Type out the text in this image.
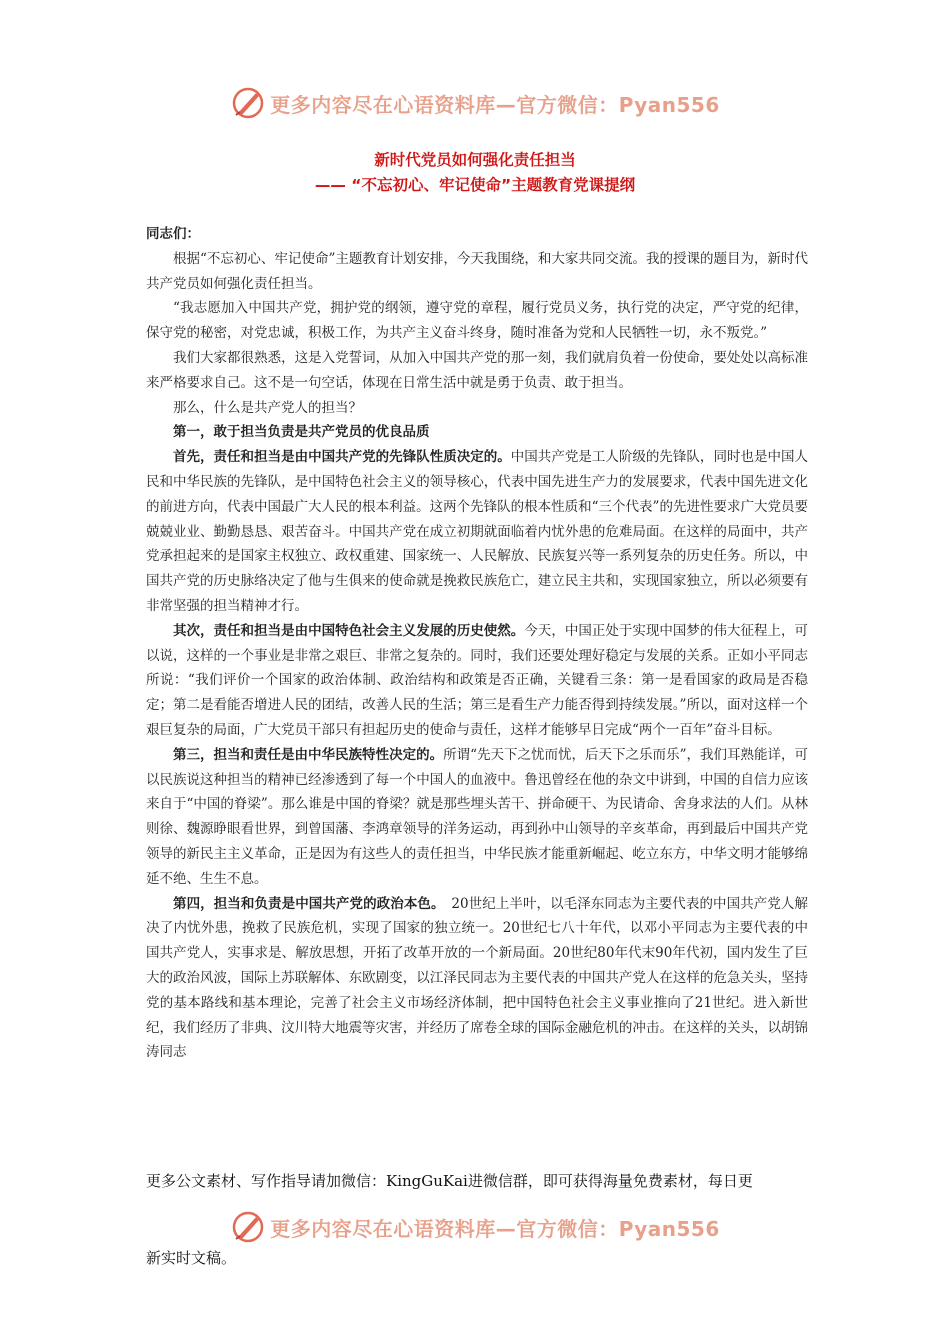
更多内容尽在心语资料库—官方微信：Pyan556
新时代党员如何强化责任担当
—— “不忘初心、牢记使命”主题教育党课提纲

同志们：

根据“不忘初心、牢记使命”主题教育计划安排，今天我围绕，和大家共同交流。我的授课的题目为，新时代共产党员如何强化责任担当。

“我志愿加入中国共产党，拥护党的纲领，遵守党的章程，履行党员义务，执行党的决定，严守党的纪律，保守党的秘密，对党忠诚，积极工作，为共产主义奋斗终身，随时准备为党和人民牺牲一切，永不叛党。”

我们大家都很熟悉，这是入党誓词，从加入中国共产党的那一刻，我们就肩负着一份使命，要处处以高标准来严格要求自己。这不是一句空话，体现在日常生活中就是勇于负责、敢于担当。

那么，什么是共产党人的担当？

第一，敢于担当负责是共产党员的优良品质

首先，责任和担当是由中国共产党的先锋队性质决定的。中国共产党是工人阶级的先锋队，同时也是中国人民和中华民族的先锋队，是中国特色社会主义的领导核心，代表中国先进生产力的发展要求，代表中国先进文化的前进方向，代表中国最广大人民的根本利益。这两个先锋队的根本性质和“三个代表”的先进性要求广大党员要兢兢业业、勤勤恳恳、艰苦奋斗。中国共产党在成立初期就面临着内忧外患的危难局面。在这样的局面中，共产党承担起来的是国家主权独立、政权重建、国家统一、人民解放、民族复兴等一系列复杂的历史任务。所以，中国共产党的历史脉络决定了他与生俱来的使命就是挽救民族危亡，建立民主共和，实现国家独立，所以必须要有非常坚强的担当精神才行。

其次，责任和担当是由中国特色社会主义发展的历史使然。今天，中国正处于实现中国梦的伟大征程上，可以说，这样的一个事业是非常之艰巨、非常之复杂的。同时，我们还要处理好稳定与发展的关系。正如小平同志所说：“我们评价一个国家的政治体制、政治结构和政策是否正确，关键看三条：第一是看国家的政局是否稳定；第二是看能否增进人民的团结，改善人民的生活；第三是看生产力能否得到持续发展。”所以，面对这样一个艰巨复杂的局面，广大党员干部只有担起历史的使命与责任，这样才能够早日完成“两个一百年”奋斗目标。

第三，担当和责任是由中华民族特性决定的。所谓“先天下之忧而忧，后天下之乐而乐”，我们耳熟能详，可以民族说这种担当的精神已经渗透到了每一个中国人的血液中。鲁迅曾经在他的杂文中讲到，中国的自信力应该来自于“中国的脊梁”。那么谁是中国的脊梁？就是那些埋头苦干、拼命硬干、为民请命、舍身求法的人们。从林则徐、魏源睁眼看世界，到曾国藩、李鸿章领导的洋务运动，再到孙中山领导的辛亥革命，再到最后中国共产党领导的新民主主义革命，正是因为有这些人的责任担当，中华民族才能重新崛起、屹立东方，中华文明才能够绵延不绝、生生不息。

第四，担当和负责是中国共产党的政治本色。　20世纪上半叶，以毛泽东同志为主要代表的中国共产党人解决了内忧外患，挽救了民族危机，实现了国家的独立统一。20世纪七八十年代，以邓小平同志为主要代表的中国共产党人，实事求是、解放思想，开拓了改革开放的一个新局面。20世纪80年代末90年代初，国内发生了巨大的政治风波，国际上苏联解体、东欧剧变，以江泽民同志为主要代表的中国共产党人在这样的危急关头，坚持党的基本路线和基本理论，完善了社会主义市场经济体制，把中国特色社会主义事业推向了21世纪。进入新世纪，我们经历了非典、汶川特大地震等灾害，并经历了席卷全球的国际金融危机的冲击。在这样的关头，以胡锦涛同志

更多公文素材、写作指导请加微信：KingGuKai进微信群，即可获得海量免费素材，每日更
更多内容尽在心语资料库—官方微信：Pyan556
新实时文稿。
